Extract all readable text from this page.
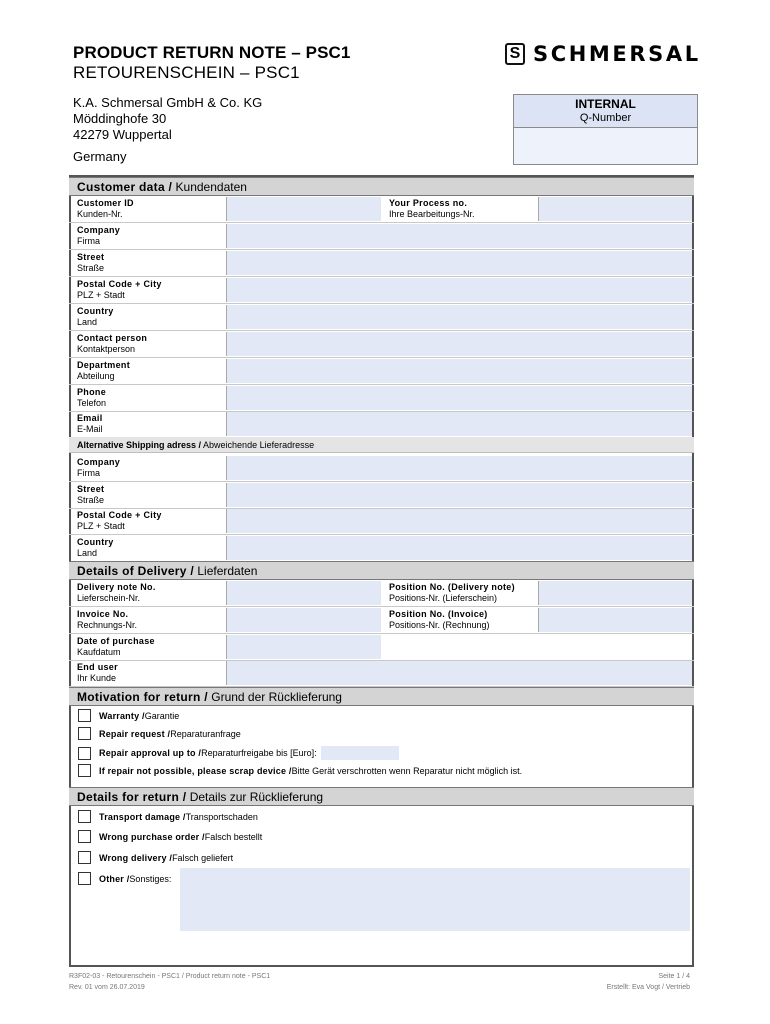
PRODUCT RETURN NOTE – PSC1
RETOURENSCHEIN – PSC1
S SCHMERSAL
K.A. Schmersal GmbH & Co. KG
Möddinghofe 30
42279 Wuppertal
Germany
INTERNAL
Q-Number
Customer data / Kundendaten
Customer ID
Kunden-Nr.
Your Process no.
Ihre Bearbeitungs-Nr.
Company
Firma
Street
Straße
Postal Code + City
PLZ + Stadt
Country
Land
Contact person
Kontaktperson
Department
Abteilung
Phone
Telefon
Email
E-Mail
Alternative Shipping adress / Abweichende Lieferadresse
Company
Firma
Street
Straße
Postal Code + City
PLZ + Stadt
Country
Land
Details of Delivery / Lieferdaten
Delivery note No.
Lieferschein-Nr.
Position No. (Delivery note)
Positions-Nr. (Lieferschein)
Invoice No.
Rechnungs-Nr.
Position No. (Invoice)
Positions-Nr. (Rechnung)
Date of purchase
Kaufdatum
End user
Ihr Kunde
Motivation for return / Grund der Rücklieferung
Warranty / Garantie
Repair request / Reparaturanfrage
Repair approval up to / Reparaturfreigabe bis [Euro]:
If repair not possible, please scrap device / Bitte Gerät verschrotten wenn Reparatur nicht möglich ist.
Details for return / Details zur Rücklieferung
Transport damage / Transportschaden
Wrong purchase order / Falsch bestellt
Wrong delivery / Falsch geliefert
Other / Sonstiges:
R3F02-03 - Retourenschein - PSC1 / Product return note - PSC1
Rev. 01 vom 26.07.2019
Seite 1 / 4
Erstellt: Eva Vogt / Vertrieb
